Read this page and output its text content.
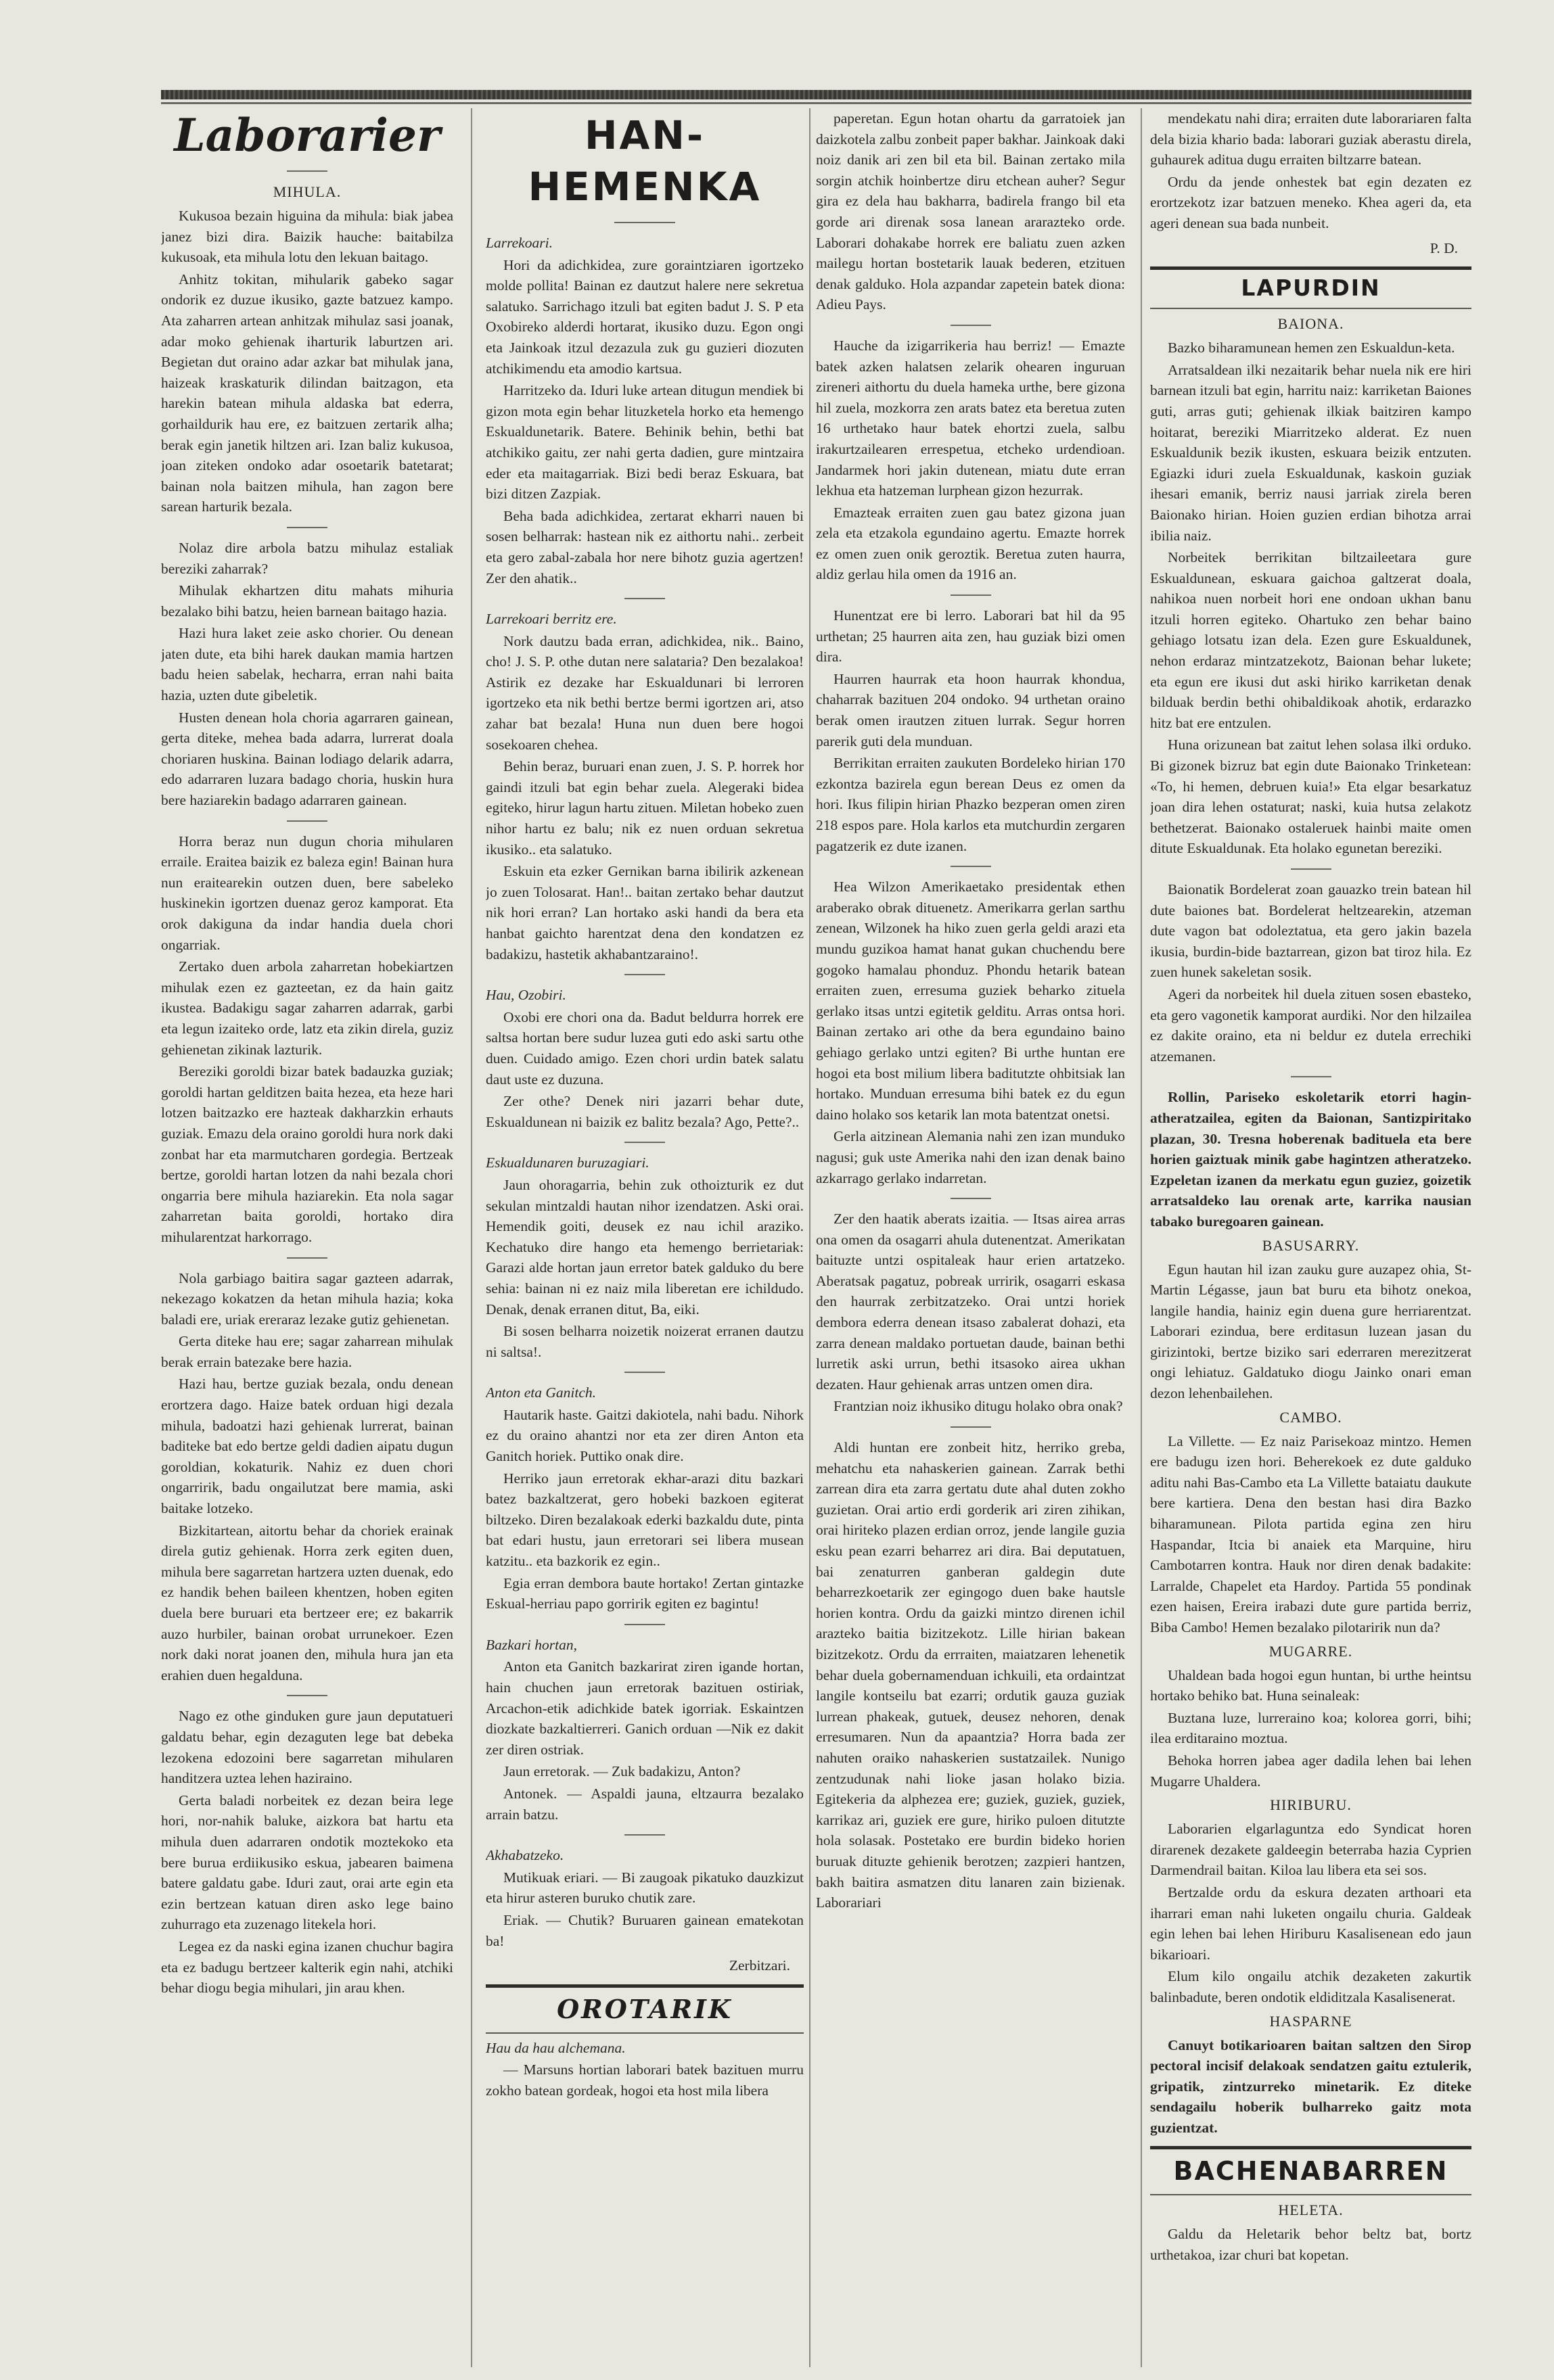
Laborarier
MIHULA.

Kukusoa bezain higuina da mihula: biak jabea janez bizi dira. Baizik hauche: baitabilza kukusoak, eta mihula lotu den lekuan baitago.

Anhitz tokitan, mihularik gabeko sagar ondorik ez duzue ikusiko, gazte batzuez kampo. Ata zaharren artean anhitzak mihulaz sasi joanak, adar moko gehienak iharturik laburtzen ari. Begietan dut oraino adar azkar bat mihulak jana, haizeak kraskaturik dilindan baitzagon, eta harekin batean mihula aldaska bat ederra, gorhaildurik hau ere, ez baitzuen zertarik alha; berak egin janetik hiltzen ari. Izan baliz kukusoa, joan ziteken ondoko adar osoetarik batetarat; bainan nola baitzen mihula, han zagon bere sarean harturik bezala.

Nolaz dire arbola batzu mihulaz estaliak bereziki zaharrak?

Mihulak ekhartzen ditu mahats mihuria bezalako bihi batzu, heien barnean baitago hazia.

Hazi hura laket zeie asko chorier. Ou denean jaten dute, eta bihi harek daukan mamia hartzen badu heien sabelak, hecharra, erran nahi baita hazia, uzten dute gibeletik.

Husten denean hola choria agarraren gainean, gerta diteke, mehea bada adarra, lurrerat doala choriaren huskina. Bainan lodiago delarik adarra, edo adarraren luzara badago choria, huskin hura bere haziarekin badago adarraren gainean.

Horra beraz nun dugun choria mihularen erraile. Eraitea baizik ez baleza egin! Bainan hura nun eraitearekin outzen duen, bere sabeleko huskinekin igortzen duenaz geroz kamporat. Eta orok dakiguna da indar handia duela chori ongarriak.

Zertako duen arbola zaharretan hobekiartzen mihulak ezen ez gazteetan, ez da hain gaitz ikustea. Badakigu sagar zaharren adarrak, garbi eta legun izaiteko orde, latz eta zikin direla, guziz gehienetan zikinak lazturik.

Bereziki goroldi bizar batek badauzka guziak; goroldi hartan gelditzen baita hezea, eta heze hari lotzen baitzazko ere hazteak dakharzkin erhauts guziak. Emazu dela oraino goroldi hura nork daki zonbat har eta marmutcharen gordegia. Bertzeak bertze, goroldi hartan lotzen da nahi bezala chori ongarria bere mihula haziarekin. Eta nola sagar zaharretan baita goroldi, hortako dira mihularentzat harkorrago.

Nola garbiago baitira sagar gazteen adarrak, nekezago kokatzen da hetan mihula hazia; koka baladi ere, uriak ereraraz lezake gutiz gehienetan.

Gerta diteke hau ere; sagar zaharrean mihulak berak errain batezake bere hazia.

Hazi hau, bertze guziak bezala, ondu denean erortzera dago. Haize batek orduan higi dezala mihula, badoatzi hazi gehienak lurrerat, bainan baditeke bat edo bertze geldi dadien aipatu dugun goroldian, kokaturik. Nahiz ez duen chori ongarririk, badu ongailutzat bere mamia, aski baitake lotzeko.

Bizkitartean, aitortu behar da choriek erainak direla gutiz gehienak. Horra zerk egiten duen, mihula bere sagarretan hartzera uzten duenak, edo ez handik behen baileen khentzen, hoben egiten duela bere buruari eta bertzeer ere; ez bakarrik auzo hurbiler, bainan orobat urrunekoer. Ezen nork daki norat joanen den, mihula hura jan eta erahien duen hegalduna.

Nago ez othe ginduken gure jaun deputatueri galdatu behar, egin dezaguten lege bat debeka lezokena edozoini bere sagarretan mihularen handitzera uztea lehen haziraino.

Gerta baladi norbeitek ez dezan beira lege hori, nor-nahik baluke, aizkora bat hartu eta mihula duen adarraren ondotik moztekoko eta bere burua erdiikusiko eskua, jabearen baimena batere galdatu gabe. Iduri zaut, orai arte egin eta ezin bertzean katuan diren asko lege baino zuhurrago eta zuzenago litekela hori.

Legea ez da naski egina izanen chuchur bagira eta ez badugu bertzeer kalterik egin nahi, atchiki behar diogu begia mihulari, jin arau khen.

HAN-HEMENKA

Larrekoari.

Hori da adichkidea, zure goraintziaren igortzeko molde pollita! Bainan ez dautzut halere nere sekretua salatuko. Sarrichago itzuli bat egiten badut J. S. P eta Oxobireko alderdi hortarat, ikusiko duzu. Egon ongi eta Jainkoak itzul dezazula zuk gu guzieri diozuten atchikimendu eta amodio kartsua.

Harritzeko da. Iduri luke artean ditugun mendiek bi gizon mota egin behar lituzketela horko eta hemengo Eskualdunetarik. Batere. Behinik behin, bethi bat atchikiko gaitu, zer nahi gerta dadien, gure mintzaira eder eta maitagarriak. Bizi bedi beraz Eskuara, bat bizi ditzen Zazpiak.

Beha bada adichkidea, zertarat ekharri nauen bi sosen belharrak: hastean nik ez aithortu nahi.. zerbeit eta gero zabal-zabala hor nere bihotz guzia agertzen! Zer den ahatik..

Larrekoari berritz ere.

Nork dautzu bada erran, adichkidea, nik.. Baino, cho! J. S. P. othe dutan nere salataria? Den bezalakoa! Astirik ez dezake har Eskualdunari bi lerroren igortzeko eta nik bethi bertze bermi igortzen ari, atso zahar bat bezala! Huna nun duen bere hogoi sosekoaren chehea.

Behin beraz, buruari enan zuen, J. S. P. horrek hor gaindi itzuli bat egin behar zuela. Alegeraki bidea egiteko, hirur lagun hartu zituen. Miletan hobeko zuen nihor hartu ez balu; nik ez nuen orduan sekretua ikusiko.. eta salatuko.

Eskuin eta ezker Gernikan barna ibilirik azkenean jo zuen Tolosarat. Han!.. baitan zertako behar dautzut nik hori erran? Lan hortako aski handi da bera eta hanbat gaichto harentzat dena den kondatzen ez badakizu, hastetik akhabantzaraino!.

Hau, Ozobiri.

Oxobi ere chori ona da. Badut beldurra horrek ere saltsa hortan bere sudur luzea guti edo aski sartu othe duen. Cuidado amigo. Ezen chori urdin batek salatu daut uste ez duzuna.

Zer othe? Denek niri jazarri behar dute, Eskualdunean ni baizik ez balitz bezala? Ago, Pette?..

Eskualdunaren buruzagiari.

Jaun ohoragarria, behin zuk othoizturik ez dut sekulan mintzaldi hautan nihor izendatzen. Aski orai. Hemendik goiti, deusek ez nau ichil araziko. Kechatuko dire hango eta hemengo berrietariak: Garazi alde hortan jaun erretor batek galduko du bere sehia: bainan ni ez naiz mila liberetan ere ichildudo. Denak, denak erranen ditut, Ba, eiki.

Bi sosen belharra noizetik noizerat erranen dautzu ni saltsa!.

Anton eta Ganitch.

Hautarik haste. Gaitzi dakiotela, nahi badu. Nihork ez du oraino ahantzi nor eta zer diren Anton eta Ganitch horiek. Puttiko onak dire.

Herriko jaun erretorak ekhar-arazi ditu bazkari batez bazkaltzerat, gero hobeki bazkoen egiterat biltzeko. Diren bezalakoak ederki bazkaldu dute, pinta bat edari hustu, jaun erretorari sei libera musean katzitu.. eta bazkorik ez egin..

Egia erran dembora baute hortako! Zertan gintazke Eskual-herriau papo gorririk egiten ez bagintu!

Bazkari hortan,

Anton eta Ganitch bazkarirat ziren igande hortan, hain chuchen jaun erretorak bazituen ostiriak, Arcachon-etik adichkide batek igorriak. Eskaintzen diozkate bazkaltierreri. Ganich orduan —Nik ez dakit zer diren ostriak.

Jaun erretorak. — Zuk badakizu, Anton?

Antonek. — Aspaldi jauna, eltzaurra bezalako arrain batzu.

Akhabatzeko.

Mutikuak eriari. — Bi zaugoak pikatuko dauzkizut eta hirur asteren buruko chutik zare.

Eriak. — Chutik? Buruaren gainean ematekotan ba!

Zerbitzari.
OROTARIK

Hau da hau alchemana.

— Marsuns hortian laborari batek bazituen murru zokho batean gordeak, hogoi eta host mila libera

paperetan. Egun hotan ohartu da garratoiek jan daizkotela zalbu zonbeit paper bakhar. Jainkoak daki noiz danik ari zen bil eta bil. Bainan zertako mila sorgin atchik hoinbertze diru etchean auher? Segur gira ez dela hau bakharra, badirela frango bil eta gorde ari direnak sosa lanean ararazteko orde. Laborari dohakabe horrek ere baliatu zuen azken mailegu hortan bostetarik lauak bederen, etzituen denak galduko. Hola azpandar zapetein batek diona: Adieu Pays.

Hauche da izigarrikeria hau berriz! — Emazte batek azken halatsen zelarik ohearen inguruan zireneri aithortu du duela hameka urthe, bere gizona hil zuela, mozkorra zen arats batez eta beretua zuten 16 urthetako haur batek ehortzi zuela, salbu irakurtzailearen errespetua, etcheko urdendioan. Jandarmek hori jakin dutenean, miatu dute erran lekhua eta hatzeman lurphean gizon hezurrak.

Emazteak erraiten zuen gau batez gizona juan zela eta etzakola egundaino agertu. Emazte horrek ez omen zuen onik geroztik. Beretua zuten haurra, aldiz gerlau hila omen da 1916 an.

Hunentzat ere bi lerro. Laborari bat hil da 95 urthetan; 25 haurren aita zen, hau guziak bizi omen dira.

Haurren haurrak eta hoon haurrak khondua, chaharrak bazituen 204 ondoko. 94 urthetan oraino berak omen irautzen zituen lurrak. Segur horren parerik guti dela munduan.

Berrikitan erraiten zaukuten Bordeleko hirian 170 ezkontza bazirela egun berean Deus ez omen da hori. Ikus filipin hirian Phazko bezperan omen ziren 218 espos pare. Hola karlos eta mutchurdin zergaren pagatzerik ez dute izanen.

Hea Wilzon Amerikaetako presidentak ethen araberako obrak dituenetz. Amerikarra gerlan sarthu zenean, Wilzonek ha hiko zuen gerla geldi arazi eta mundu guzikoa hamat hanat gukan chuchendu bere gogoko hamalau phonduz. Phondu hetarik batean erraiten zuen, erresuma guziek beharko zituela gerlako itsas untzi egitetik gelditu. Arras ontsa hori. Bainan zertako ari othe da bera egundaino baino gehiago gerlako untzi egiten? Bi urthe huntan ere hogoi eta bost milium libera baditutzte ohbitsiak lan hortako. Munduan erresuma bihi batek ez du egun daino holako sos ketarik lan mota batentzat onetsi.

Gerla aitzinean Alemania nahi zen izan munduko nagusi; guk uste Amerika nahi den izan denak baino azkarrago gerlako indarretan.

Zer den haatik aberats izaitia. — Itsas airea arras ona omen da osagarri ahula dutenentzat. Amerikatan baituzte untzi ospitaleak haur erien artatzeko. Aberatsak pagatuz, pobreak urririk, osagarri eskasa den haurrak zerbitzatzeko. Orai untzi horiek dembora ederra denean itsaso zabalerat dohazi, eta zarra denean maldako portuetan daude, bainan bethi lurretik aski urrun, bethi itsasoko airea ukhan dezaten. Haur gehienak arras untzen omen dira.

Frantzian noiz ikhusiko ditugu holako obra onak?

Aldi huntan ere zonbeit hitz, herriko greba, mehatchu eta nahaskerien gainean. Zarrak bethi zarrean dira eta zarra gertatu dute ahal duten zokho guzietan. Orai artio erdi gorderik ari ziren zihikan, orai hiriteko plazen erdian orroz, jende langile guzia esku pean ezarri beharrez ari dira. Bai deputatuen, bai zenaturren ganberan galdegin dute beharrezkoetarik zer egingogo duen bake hautsle horien kontra. Ordu da gaizki mintzo direnen ichil arazteko baitia bizitzekotz. Lille hirian bakean bizitzekotz. Ordu da errraiten, maiatzaren lehenetik behar duela gobernamenduan ichkuili, eta ordaintzat langile kontseilu bat ezarri; ordutik gauza guziak lurrean phakeak, gutuek, deusez nehoren, denak erresumaren. Nun da apaantzia? Horra bada zer nahuten oraiko nahaskerien sustatzailek. Nunigo zentzudunak nahi lioke jasan holako bizia. Egitekeria da alphezea ere; guziek, guziek, guziek, karrikaz ari, guziek ere gure, hiriko puloen ditutzte hola solasak. Postetako ere burdin bideko horien buruak dituzte gehienik berotzen; zazpieri hantzen, bakh baitira asmatzen ditu lanaren zain bizienak. Laborariari

mendekatu nahi dira; erraiten dute laborariaren falta dela bizia khario bada: laborari guziak aberastu direla, guhaurek aditua dugu erraiten biltzarre batean.

Ordu da jende onhestek bat egin dezaten ez erortzekotz izar batzuen meneko. Khea ageri da, eta ageri denean sua bada nunbeit.

P. D.
LAPURDIN
BAIONA.

Bazko biharamunean hemen zen Eskualdun-keta.

Arratsaldean ilki nezaitarik behar nuela nik ere hiri barnean itzuli bat egin, harritu naiz: karriketan Baiones guti, arras guti; gehienak ilkiak baitziren kampo hoitarat, bereziki Miarritzeko alderat. Ez nuen Eskualdunik bezik ikusten, eskuara beizik entzuten. Egiazki iduri zuela Eskualdunak, kaskoin guziak ihesari emanik, berriz nausi jarriak zirela beren Baionako hirian. Hoien guzien erdian bihotza arrai ibilia naiz.

Norbeitek berrikitan biltzaileetara gure Eskualdunean, eskuara gaichoa galtzerat doala, nahikoa nuen norbeit hori ene ondoan ukhan banu itzuli horren egiteko. Ohartuko zen behar baino gehiago lotsatu izan dela. Ezen gure Eskualdunek, nehon erdaraz mintzatzekotz, Baionan behar lukete; eta egun ere ikusi dut aski hiriko karriketan denak bilduak berdin bethi ohibaldikoak ahotik, erdarazko hitz bat ere entzulen.

Huna orizunean bat zaitut lehen solasa ilki orduko. Bi gizonek bizruz bat egin dute Baionako Trinketean: «To, hi hemen, debruen kuia!» Eta elgar besarkatuz joan dira lehen ostaturat; naski, kuia hutsa zelakotz bethetzerat. Baionako ostaleruek hainbi maite omen ditute Eskualdunak. Eta holako egunetan bereziki.

Baionatik Bordelerat zoan gauazko trein batean hil dute baiones bat. Bordelerat heltzearekin, atzeman dute vagon bat odoleztatua, eta gero jakin bazela ikusia, burdin-bide baztarrean, gizon bat tiroz hila. Ez zuen hunek sakeletan sosik.

Ageri da norbeitek hil duela zituen sosen ebasteko, eta gero vagonetik kamporat aurdiki. Nor den hilzailea ez dakite oraino, eta ni beldur ez dutela errechiki atzemanen.

Rollin, Pariseko eskoletarik etorri hagin-atheratzailea, egiten da Baionan, Santizpiritako plazan, 30. Tresna hoberenak badituela eta bere horien gaiztuak minik gabe hagintzen atheratzeko. Ezpeletan izanen da merkatu egun guziez, goizetik arratsaldeko lau orenak arte, karrika nausian tabako buregoaren gainean.

BASUSARRY.

Egun hautan hil izan zauku gure auzapez ohia, St-Martin Légasse, jaun bat buru eta bihotz onekoa, langile handia, hainiz egin duena gure herriarentzat. Laborari ezindua, bere erditasun luzean jasan du girizintoki, bertze biziko sari ederraren merezitzerat ongi lehiatuz. Galdatuko diogu Jainko onari eman dezon lehenbailehen.

CAMBO.

La Villette. — Ez naiz Parisekoaz mintzo. Hemen ere badugu izen hori. Beherekoek ez dute galduko aditu nahi Bas-Cambo eta La Villette bataiatu daukute bere kartiera. Dena den bestan hasi dira Bazko biharamunean. Pilota partida egina zen hiru Haspandar, Itcia bi anaiek eta Marquine, hiru Cambotarren kontra. Hauk nor diren denak badakite: Larralde, Chapelet eta Hardoy. Partida 55 pondinak ezen haisen, Ereira irabazi dute gure partida berriz, Biba Cambo! Hemen bezalako pilotaririk nun da?

MUGARRE.

Uhaldean bada hogoi egun huntan, bi urthe heintsu hortako behiko bat. Huna seinaleak:

Buztana luze, lurreraino koa; kolorea gorri, bihi; ilea erditaraino moztua.

Behoka horren jabea ager dadila lehen bai lehen Mugarre Uhaldera.

HIRIBURU.

Laborarien elgarlaguntza edo Syndicat horen dirarenek dezakete galdeegin beterraba hazia Cyprien Darmendrail baitan. Kiloa lau libera eta sei sos.

Bertzalde ordu da eskura dezaten arthoari eta iharrari eman nahi luketen ongailu churia. Galdeak egin lehen bai lehen Hiriburu Kasalisenean edo jaun bikarioari.

Elum kilo ongailu atchik dezaketen zakurtik balinbadute, beren ondotik eldiditzala Kasalisenerat.

HASPARNE

Canuyt botikarioaren baitan saltzen den Sirop pectoral incisif delakoak sendatzen gaitu eztulerik, gripatik, zintzurreko minetarik. Ez diteke sendagailu hoberik bulharreko gaitz mota guzientzat.

BACHENABARREN
HELETA.

Galdu da Heletarik behor beltz bat, bortz urthetakoa, izar churi bat kopetan.
